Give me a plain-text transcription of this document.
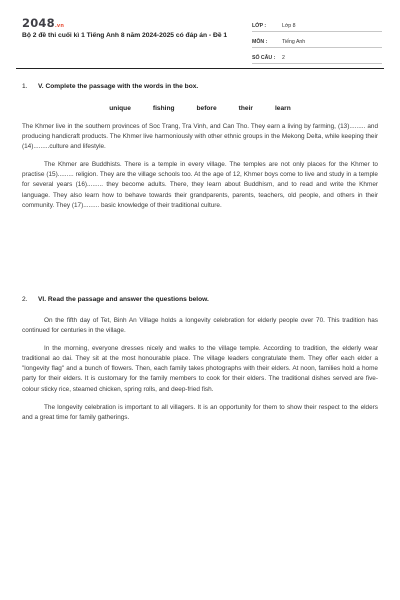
2048.vn
Bộ 2 đề thi cuối kì 1 Tiếng Anh 8 năm 2024-2025 có đáp án - Đề 1
LỚP :	Lớp 8
MÔN :	Tiếng Anh
SỐ CÂU :	2
1. V. Complete the passage with the words in the box.
unique	fishing	before	their	learn

The Khmer live in the southern provinces of Soc Trang, Tra Vinh, and Can Tho. They earn a living by farming, (13)......... and producing handicraft products. The Khmer live harmoniously with other ethnic groups in the Mekong Delta, while keeping their (14).........culture and lifestyle.

The Khmer are Buddhists. There is a temple in every village. The temples are not only places for the Khmer to practise (15)......... religion. They are the village schools too. At the age of 12, Khmer boys come to live and study in a temple for several years (16)......... they become adults. There, they learn about Buddhism, and to read and write the Khmer language. They also learn how to behave towards their grandparents, parents, teachers, old people, and others in their community. They (17)......... basic knowledge of their traditional culture.

2. VI. Read the passage and answer the questions below.

On the fifth day of Tet, Binh An Village holds a longevity celebration for elderly people over 70. This tradition has continued for centuries in the village.

In the morning, everyone dresses nicely and walks to the village temple. According to tradition, the elderly wear traditional ao dai. They sit at the most honourable place. The village leaders congratulate them. They offer each elder a "longevity flag" and a bunch of flowers. Then, each family takes photographs with their elders. At noon, families hold a home party for their elders. It is customary for the family members to cook for their elders. The traditional dishes served are five-colour sticky rice, steamed chicken, spring rolls, and deep-fried fish.

The longevity celebration is important to all villagers. It is an opportunity for them to show their respect to the elders and a great time for family gatherings.
